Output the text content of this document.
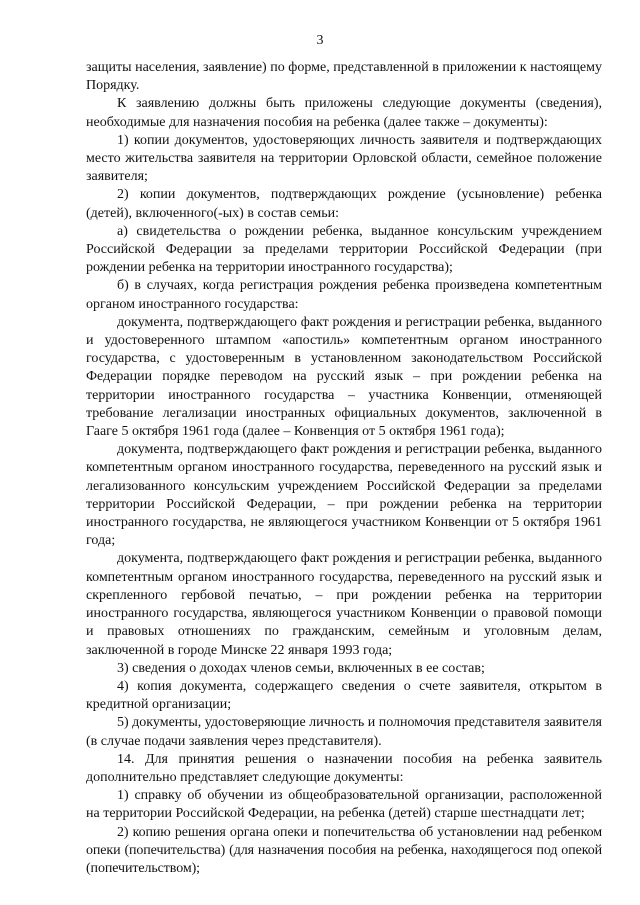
3

защиты населения, заявление) по форме, представленной в приложении к настоящему Порядку.

К заявлению должны быть приложены следующие документы (сведения), необходимые для назначения пособия на ребенка (далее также – документы):

1) копии документов, удостоверяющих личность заявителя и подтверждающих место жительства заявителя на территории Орловской области, семейное положение заявителя;

2) копии документов, подтверждающих рождение (усыновление) ребенка (детей), включенного(-ых) в состав семьи:

а) свидетельства о рождении ребенка, выданное консульским учреждением Российской Федерации за пределами территории Российской Федерации (при рождении ребенка на территории иностранного государства);

б) в случаях, когда регистрация рождения ребенка произведена компетентным органом иностранного государства:

документа, подтверждающего факт рождения и регистрации ребенка, выданного и удостоверенного штампом «апостиль» компетентным органом иностранного государства, с удостоверенным в установленном законодательством Российской Федерации порядке переводом на русский язык – при рождении ребенка на территории иностранного государства – участника Конвенции, отменяющей требование легализации иностранных официальных документов, заключенной в Гааге 5 октября 1961 года (далее – Конвенция от 5 октября 1961 года);

документа, подтверждающего факт рождения и регистрации ребенка, выданного компетентным органом иностранного государства, переведенного на русский язык и легализованного консульским учреждением Российской Федерации за пределами территории Российской Федерации, – при рождении ребенка на территории иностранного государства, не являющегося участником Конвенции от 5 октября 1961 года;

документа, подтверждающего факт рождения и регистрации ребенка, выданного компетентным органом иностранного государства, переведенного на русский язык и скрепленного гербовой печатью, – при рождении ребенка на территории иностранного государства, являющегося участником Конвенции о правовой помощи и правовых отношениях по гражданским, семейным и уголовным делам, заключенной в городе Минске 22 января 1993 года;

3) сведения о доходах членов семьи, включенных в ее состав;

4) копия документа, содержащего сведения о счете заявителя, открытом в кредитной организации;

5) документы, удостоверяющие личность и полномочия представителя заявителя (в случае подачи заявления через представителя).

14. Для принятия решения о назначении пособия на ребенка заявитель дополнительно представляет следующие документы:

1) справку об обучении из общеобразовательной организации, расположенной на территории Российской Федерации, на ребенка (детей) старше шестнадцати лет;

2) копию решения органа опеки и попечительства об установлении над ребенком опеки (попечительства) (для назначения пособия на ребенка, находящегося под опекой (попечительством);
